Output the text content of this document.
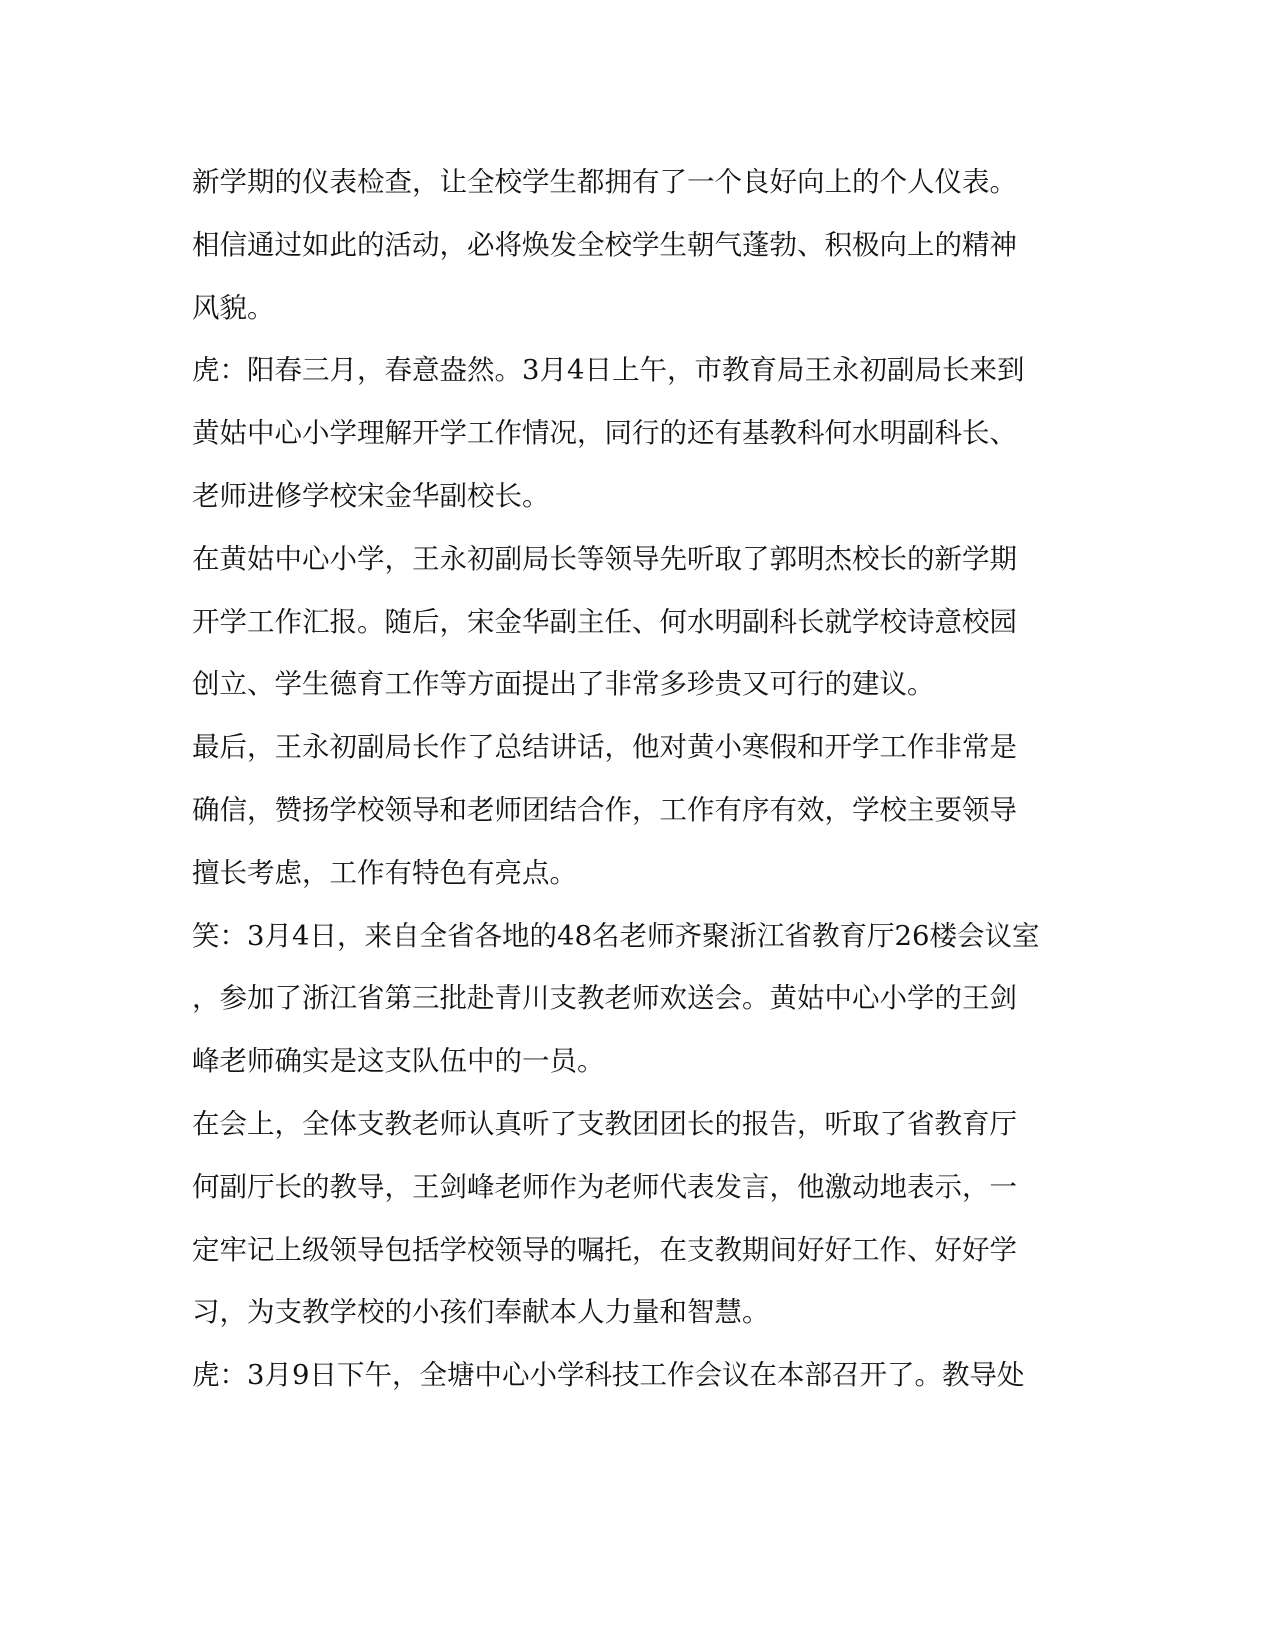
新学期的仪表检查，让全校学生都拥有了一个良好向上的个人仪表。
相信通过如此的活动，必将焕发全校学生朝气蓬勃、积极向上的精神
风貌。
虎：阳春三月，春意盎然。3月4日上午，市教育局王永初副局长来到
黄姑中心小学理解开学工作情况，同行的还有基教科何水明副科长、
老师进修学校宋金华副校长。
在黄姑中心小学，王永初副局长等领导先听取了郭明杰校长的新学期
开学工作汇报。随后，宋金华副主任、何水明副科长就学校诗意校园
创立、学生德育工作等方面提出了非常多珍贵又可行的建议。
最后，王永初副局长作了总结讲话，他对黄小寒假和开学工作非常是
确信，赞扬学校领导和老师团结合作，工作有序有效，学校主要领导
擅长考虑，工作有特色有亮点。
笑：3月4日，来自全省各地的48名老师齐聚浙江省教育厅26楼会议室
，参加了浙江省第三批赴青川支教老师欢送会。黄姑中心小学的王剑
峰老师确实是这支队伍中的一员。
在会上，全体支教老师认真听了支教团团长的报告，听取了省教育厅
何副厅长的教导，王剑峰老师作为老师代表发言，他激动地表示，一
定牢记上级领导包括学校领导的嘱托，在支教期间好好工作、好好学
习，为支教学校的小孩们奉献本人力量和智慧。
虎：3月9日下午，全塘中心小学科技工作会议在本部召开了。教导处
